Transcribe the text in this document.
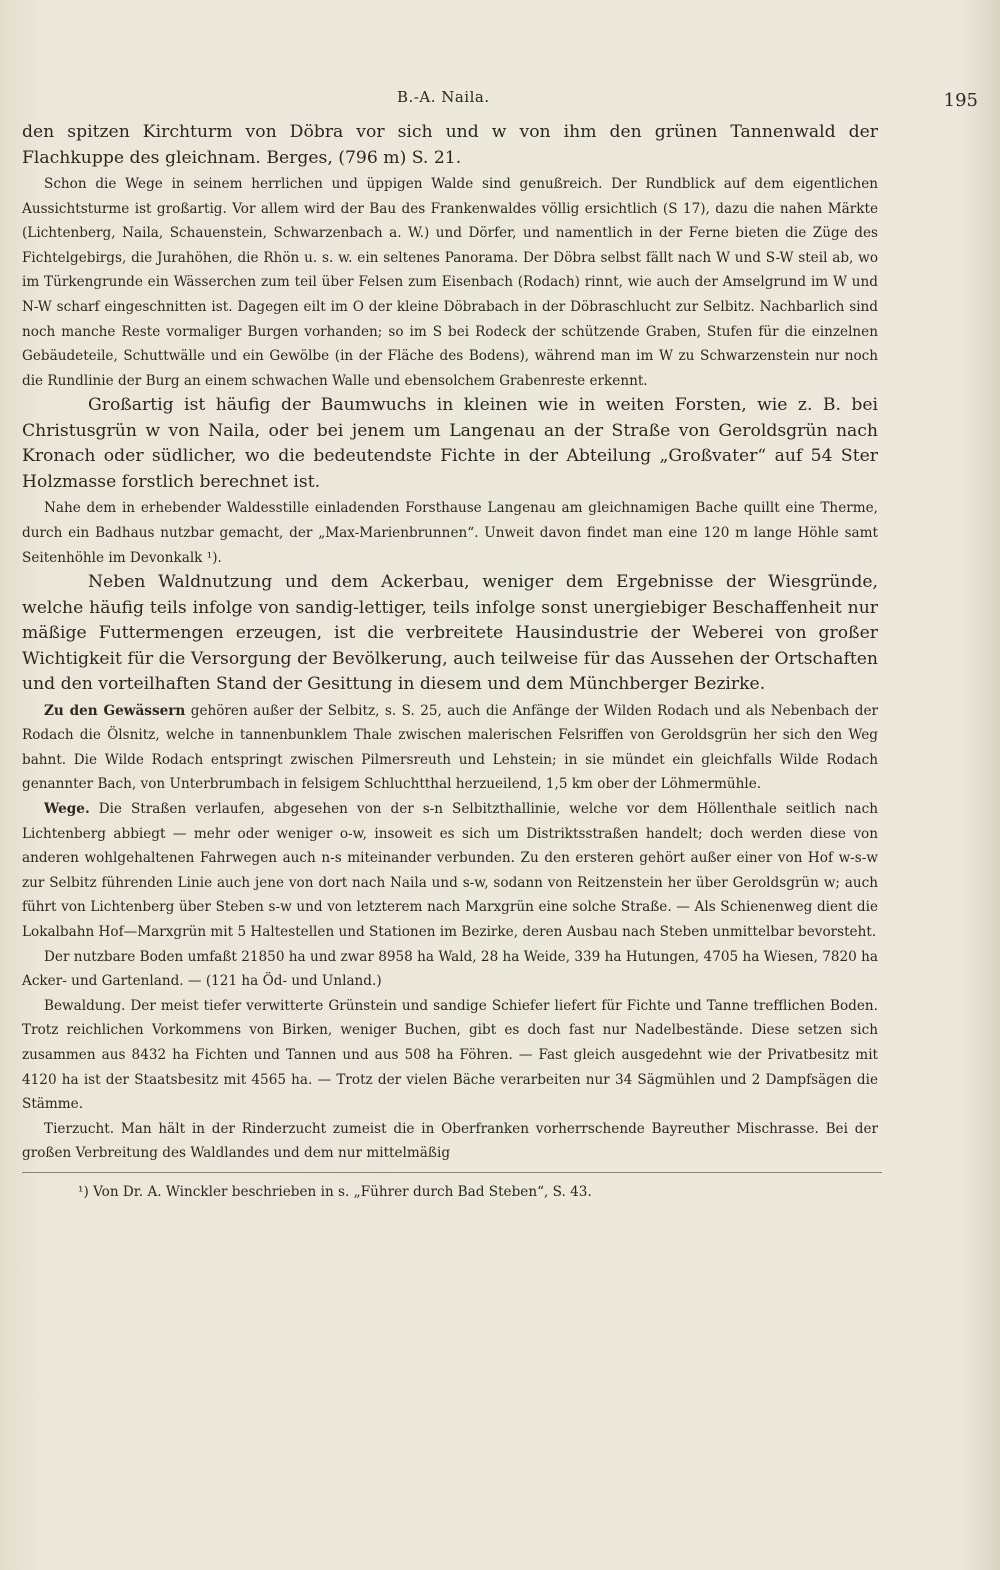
B.-A. Naila.	195

den spitzen Kirchturm von Döbra vor sich und w von ihm den grünen Tannenwald der Flachkuppe des gleichnam. Berges, (796 m) S. 21.

Schon die Wege in seinem herrlichen und üppigen Walde sind genußreich. Der Rundblick auf dem eigentlichen Aussichtsturme ist großartig. Vor allem wird der Bau des Frankenwaldes völlig ersichtlich (S 17), dazu die nahen Märkte (Lichtenberg, Naila, Schauenstein, Schwarzenbach a. W.) und Dörfer, und namentlich in der Ferne bieten die Züge des Fichtelgebirgs, die Jurahöhen, die Rhön u. s. w. ein seltenes Panorama. Der Döbra selbst fällt nach W und S-W steil ab, wo im Türkengrunde ein Wässerchen zum teil über Felsen zum Eisenbach (Rodach) rinnt, wie auch der Amselgrund im W und N-W scharf eingeschnitten ist. Dagegen eilt im O der kleine Döbrabach in der Döbraschlucht zur Selbitz. Nachbarlich sind noch manche Reste vormaliger Burgen vorhanden; so im S bei Rodeck der schützende Graben, Stufen für die einzelnen Gebäudeteile, Schuttwälle und ein Gewölbe (in der Fläche des Bodens), während man im W zu Schwarzenstein nur noch die Rundlinie der Burg an einem schwachen Walle und ebensolchem Grabenreste erkennt.

Großartig ist häufig der Baumwuchs in kleinen wie in weiten Forsten, wie z. B. bei Christusgrün w von Naila, oder bei jenem um Langenau an der Straße von Geroldsgrün nach Kronach oder südlicher, wo die bedeutendste Fichte in der Abteilung „Großvater“ auf 54 Ster Holzmasse forstlich berechnet ist.

Nahe dem in erhebender Waldesstille einladenden Forsthause Langenau am gleichnamigen Bache quillt eine Therme, durch ein Badhaus nutzbar gemacht, der „Max-Marienbrunnen“. Unweit davon findet man eine 120 m lange Höhle samt Seitenhöhle im Devonkalk ¹).

Neben Waldnutzung und dem Ackerbau, weniger dem Ergebnisse der Wiesgründe, welche häufig teils infolge von sandig-lettiger, teils infolge sonst unergiebiger Beschaffenheit nur mäßige Futtermengen erzeugen, ist die verbreitete Hausindustrie der Weberei von großer Wichtigkeit für die Versorgung der Bevölkerung, auch teilweise für das Aussehen der Ortschaften und den vorteilhaften Stand der Gesittung in diesem und dem Münchberger Bezirke.

Zu den Gewässern gehören außer der Selbitz, s. S. 25, auch die Anfänge der Wilden Rodach und als Nebenbach der Rodach die Ölsnitz, welche in tannenbunklem Thale zwischen malerischen Felsriffen von Geroldsgrün her sich den Weg bahnt. Die Wilde Rodach entspringt zwischen Pilmersreuth und Lehstein; in sie mündet ein gleichfalls Wilde Rodach genannter Bach, von Unterbrumbach in felsigem Schluchtthal herzueilend, 1,5 km ober der Löhmermühle.

Wege. Die Straßen verlaufen, abgesehen von der s-n Selbitzthallinie, welche vor dem Höllenthale seitlich nach Lichtenberg abbiegt — mehr oder weniger o-w, insoweit es sich um Distriktsstraßen handelt; doch werden diese von anderen wohlgehaltenen Fahrwegen auch n-s miteinander verbunden. Zu den ersteren gehört außer einer von Hof w-s-w zur Selbitz führenden Linie auch jene von dort nach Naila und s-w, sodann von Reitzenstein her über Geroldsgrün w; auch führt von Lichtenberg über Steben s-w und von letzterem nach Marxgrün eine solche Straße. — Als Schienenweg dient die Lokalbahn Hof—Marxgrün mit 5 Haltestellen und Stationen im Bezirke, deren Ausbau nach Steben unmittelbar bevorsteht.

Der nutzbare Boden umfaßt 21850 ha und zwar 8958 ha Wald, 28 ha Weide, 339 ha Hutungen, 4705 ha Wiesen, 7820 ha Acker- und Gartenland. — (121 ha Öd- und Unland.)

Bewaldung. Der meist tiefer verwitterte Grünstein und sandige Schiefer liefert für Fichte und Tanne trefflichen Boden. Trotz reichlichen Vorkommens von Birken, weniger Buchen, gibt es doch fast nur Nadelbestände. Diese setzen sich zusammen aus 8432 ha Fichten und Tannen und aus 508 ha Föhren. — Fast gleich ausgedehnt wie der Privatbesitz mit 4120 ha ist der Staatsbesitz mit 4565 ha. — Trotz der vielen Bäche verarbeiten nur 34 Sägmühlen und 2 Dampfsägen die Stämme.

Tierzucht. Man hält in der Rinderzucht zumeist die in Oberfranken vorherrschende Bayreuther Mischrasse. Bei der großen Verbreitung des Waldlandes und dem nur mittelmäßig

¹) Von Dr. A. Winckler beschrieben in s. „Führer durch Bad Steben“, S. 43.
